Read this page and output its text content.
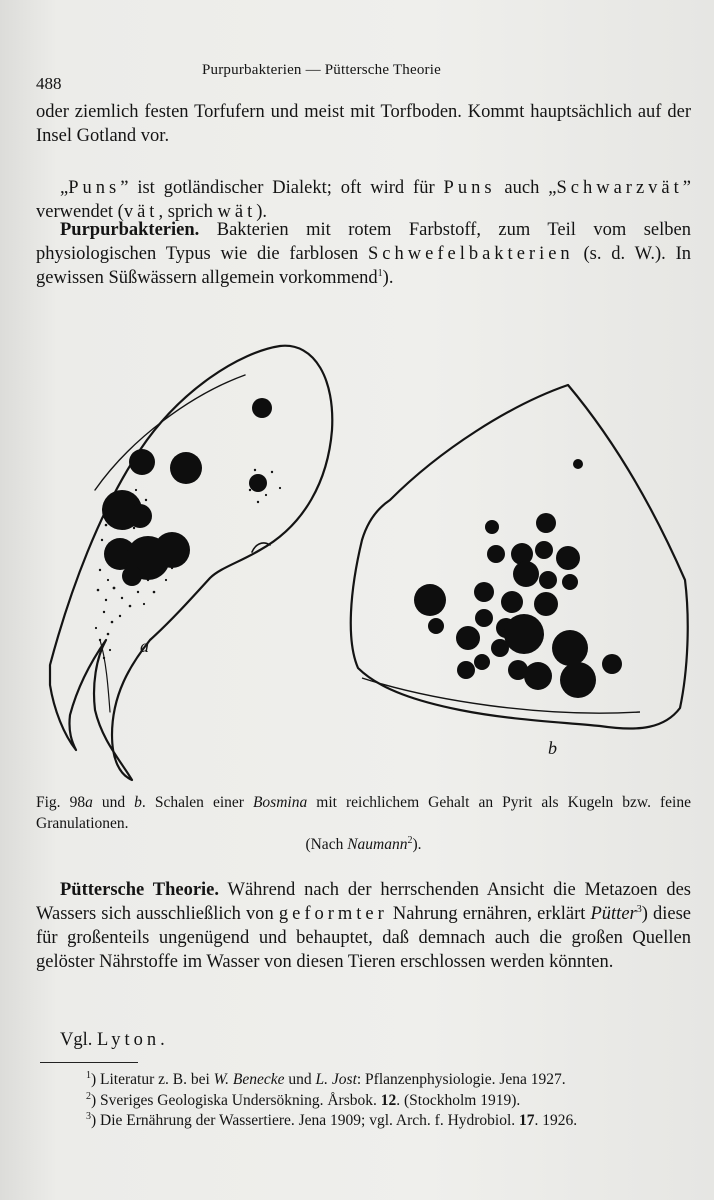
488
Purpurbakterien — Püttersche Theorie
oder ziemlich festen Torfufern und meist mit Torfboden. Kommt hauptsächlich auf der Insel Gotland vor.
„Puns” ist gotländischer Dialekt; oft wird für Puns auch „Schwarzvät” verwendet (vät, sprich wät).
Purpurbakterien. Bakterien mit rotem Farbstoff, zum Teil vom selben physiologischen Typus wie die farblosen Schwefelbakterien (s. d. W.). In gewissen Süßwässern allgemein vorkommend$^1$).
a
b
Fig. 98a und b. Schalen einer Bosmina mit reichlichem Gehalt an Pyrit als Kugeln bzw. feine Granulationen.
(Nach Naumann$^2$).
Püttersche Theorie. Während nach der herrschenden Ansicht die Metazoen des Wassers sich ausschließlich von geformter Nahrung ernähren, erklärt Pütter$^3$) diese für großenteils ungenügend und behauptet, daß demnach auch die großen Quellen gelöster Nährstoffe im Wasser von diesen Tieren erschlossen werden könnten.
Vgl. Lyton.
$^1$) Literatur z. B. bei W. Benecke und L. Jost: Pflanzenphysiologie. Jena 1927.
$^2$) Sveriges Geologiska Undersökning. Årsbok. 12. (Stockholm 1919).
$^3$) Die Ernährung der Wassertiere. Jena 1909; vgl. Arch. f. Hydrobiol. 17. 1926.
